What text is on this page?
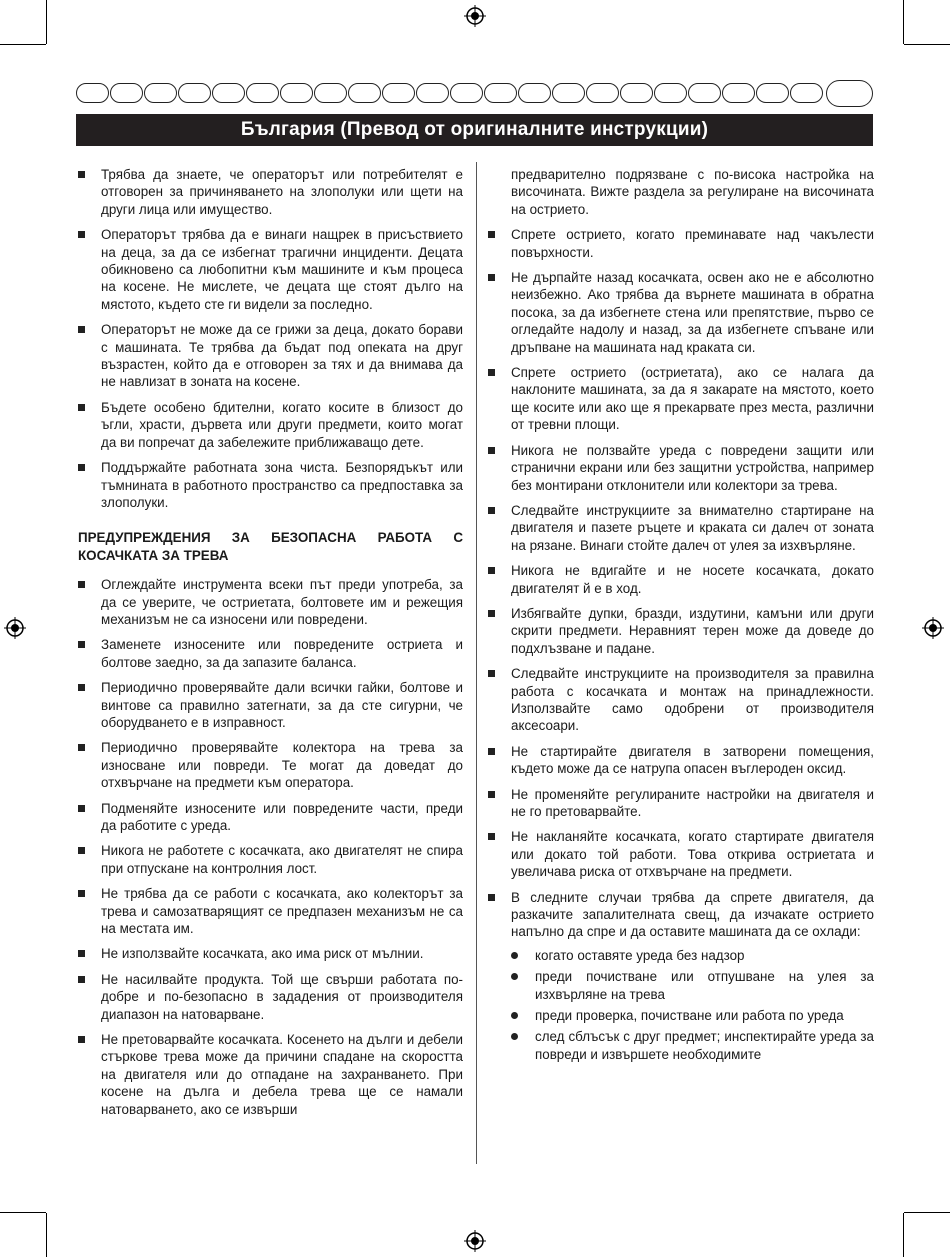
България (Превод от оригиналните инструкции)
Трябва да знаете, че операторът или потребителят е отговорен за причиняването на злополуки или щети на други лица или имущество.
Операторът трябва да е винаги нащрек в присъствието на деца, за да се избегнат трагични инциденти. Децата обикновено са любопитни към машините и към процеса на косене. Не мислете, че децата ще стоят дълго на мястото, където сте ги видели за последно.
Операторът не може да се грижи за деца, докато борави с машината. Те трябва да бъдат под опеката на друг възрастен, който да е отговорен за тях и да внимава да не навлизат в зоната на косене.
Бъдете особено бдителни, когато косите в близост до ъгли, храсти, дървета или други предмети, които могат да ви попречат да забележите приближаващо дете.
Поддържайте работната зона чиста. Безпорядъкът или тъмнината в работното пространство са предпоставка за злополуки.
ПРЕДУПРЕЖДЕНИЯ ЗА БЕЗОПАСНА РАБОТА С КОСАЧКАТА ЗА ТРЕВА
Оглеждайте инструмента всеки път преди употреба, за да се уверите, че остриетата, болтовете им и режещия механизъм не са износени или повредени.
Заменете износените или повредените остриета и болтове заедно, за да запазите баланса.
Периодично проверявайте дали всички гайки, болтове и винтове са правилно затегнати, за да сте сигурни, че оборудването е в изправност.
Периодично проверявайте колектора на трева за износване или повреди. Те могат да доведат до отхвърчане на предмети към оператора.
Подменяйте износените или повредените части, преди да работите с уреда.
Никога не работете с косачката, ако двигателят не спира при отпускане на контролния лост.
Не трябва да се работи с косачката, ако колекторът за трева и самозатварящият се предпазен механизъм не са на местата им.
Не използвайте косачката, ако има риск от мълнии.
Не насилвайте продукта. Той ще свърши работата по-добре и по-безопасно в зададения от производителя диапазон на натоварване.
Не претоварвайте косачката. Косенето на дълги и дебели стъркове трева може да причини спадане на скоростта на двигателя или до отпадане на захранването. При косене на дълга и дебела трева ще се намали натоварването, ако се извърши
предварително подрязване с по-висока настройка на височината. Вижте раздела за регулиране на височината на острието.
Спрете острието, когато преминавате над чакълести повърхности.
Не дърпайте назад косачката, освен ако не е абсолютно неизбежно. Ако трябва да върнете машината в обратна посока, за да избегнете стена или препятствие, първо се огледайте надолу и назад, за да избегнете спъване или дръпване на машината над краката си.
Спрете острието (остриетата), ако се налага да наклоните машината, за да я закарате на мястото, което ще косите или ако ще я прекарвате през места, различни от тревни площи.
Никога не ползвайте уреда с повредени защити или странични екрани или без защитни устройства, например без монтирани отклонители или колектори за трева.
Следвайте инструкциите за внимателно стартиране на двигателя и пазете ръцете и краката си далеч от зоната на рязане. Винаги стойте далеч от улея за изхвърляне.
Никога не вдигайте и не носете косачката, докато двигателят й е в ход.
Избягвайте дупки, бразди, издутини, камъни или други скрити предмети. Неравният терен може да доведе до подхлъзване и падане.
Следвайте инструкциите на производителя за правилна работа с косачката и монтаж на принадлежности. Използвайте само одобрени от производителя аксесоари.
Не стартирайте двигателя в затворени помещения, където може да се натрупа опасен въглероден оксид.
Не променяйте регулираните настройки на двигателя и не го претоварвайте.
Не накланяйте косачката, когато стартирате двигателя или докато той работи. Това открива остриетата и увеличава риска от отхвърчане на предмети.
В следните случаи трябва да спрете двигателя, да разкачите запалителната свещ, да изчакате острието напълно да спре и да оставите машината да се охлади:
когато оставяте уреда без надзор
преди почистване или отпушване на улея за изхвърляне на трева
преди проверка, почистване или работа по уреда
след сблъсък с друг предмет; инспектирайте уреда за повреди и извършете необходимите
